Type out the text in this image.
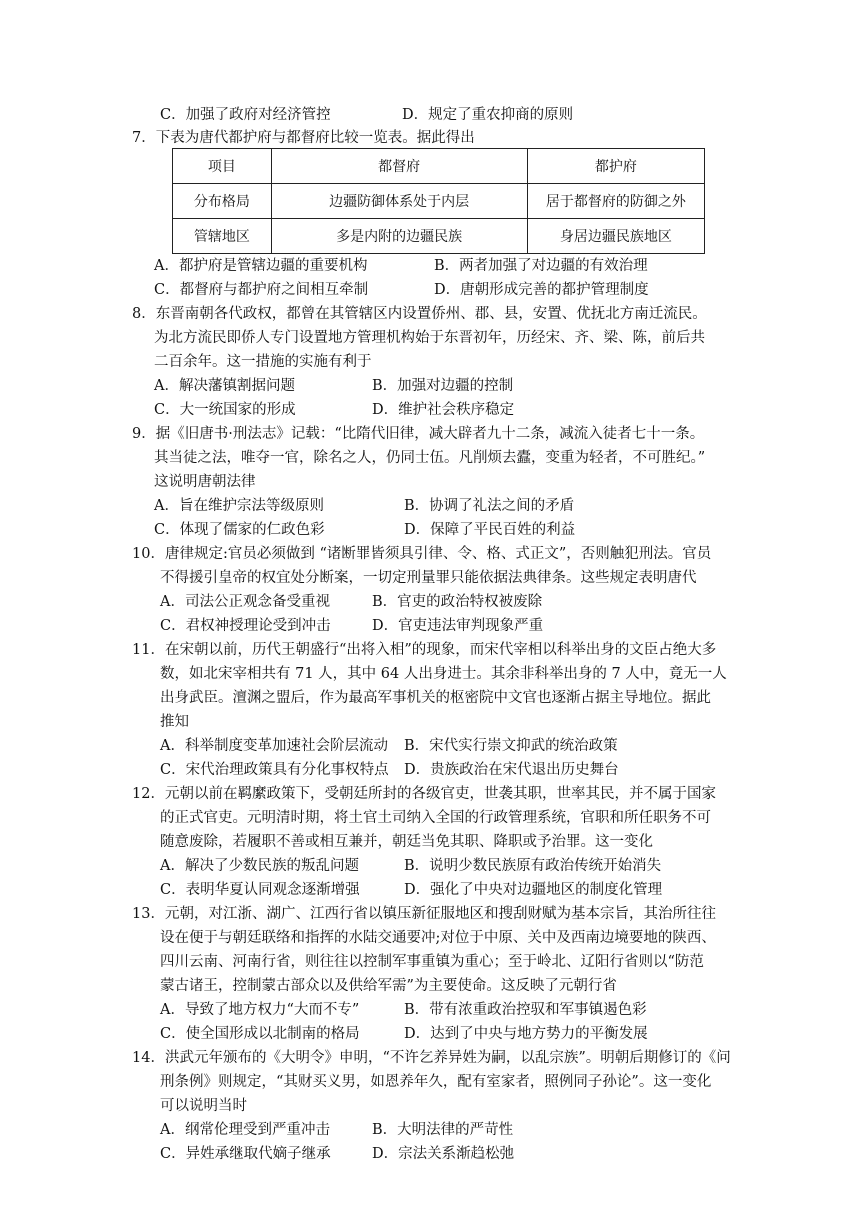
C．加强了政府对经济管控	D．规定了重农抑商的原则
7．下表为唐代都护府与都督府比较一览表。据此得出
项目	都督府	都护府
分布格局	边疆防御体系处于内层	居于都督府的防御之外
管辖地区	多是内附的边疆民族	身居边疆民族地区
A．都护府是管辖边疆的重要机构	B．两者加强了对边疆的有效治理
C．都督府与都护府之间相互牵制	D．唐朝形成完善的都护管理制度
8．东晋南朝各代政权，都曾在其管辖区内设置侨州、郡、县，安置、优抚北方南迁流民。
为北方流民即侨人专门设置地方管理机构始于东晋初年，历经宋、齐、梁、陈，前后共
二百余年。这一措施的实施有利于
A．解决藩镇割据问题	B．加强对边疆的控制
C．大一统国家的形成	D．维护社会秩序稳定
9．据《旧唐书·刑法志》记载：“比隋代旧律，减大辟者九十二条，减流入徒者七十一条。
其当徒之法，唯夺一官，除名之人，仍同士伍。凡削烦去蠹，变重为轻者，不可胜纪。”
这说明唐朝法律
A．旨在维护宗法等级原则	B．协调了礼法之间的矛盾
C．体现了儒家的仁政色彩	D．保障了平民百姓的利益
10．唐律规定:官员必须做到 “诸断罪皆须具引律、令、格、式正文”，否则触犯刑法。官员
不得援引皇帝的权宜处分断案，一切定刑量罪只能依据法典律条。这些规定表明唐代
A．司法公正观念备受重视	B．官吏的政治特权被废除
C．君权神授理论受到冲击	D．官吏违法审判现象严重
11．在宋朝以前，历代王朝盛行“出将入相”的现象，而宋代宰相以科举出身的文臣占绝大多
数，如北宋宰相共有 71 人，其中 64 人出身进士。其余非科举出身的 7 人中，竟无一人
出身武臣。澶渊之盟后，作为最高军事机关的枢密院中文官也逐渐占据主导地位。据此
推知
A．科举制度变革加速社会阶层流动 B．宋代实行崇文抑武的统治政策
C．宋代治理政策具有分化事权特点 D．贵族政治在宋代退出历史舞台
12．元朝以前在羁縻政策下，受朝廷所封的各级官吏，世袭其职，世率其民，并不属于国家
的正式官吏。元明清时期，将土官土司纳入全国的行政管理系统，官职和所任职务不可
随意废除，若履职不善或相互兼并，朝廷当免其职、降职或予治罪。这一变化
A．解决了少数民族的叛乱问题	B．说明少数民族原有政治传统开始消失
C．表明华夏认同观念逐渐增强	D．强化了中央对边疆地区的制度化管理
13．元朝，对江浙、湖广、江西行省以镇压新征服地区和搜刮财赋为基本宗旨，其治所往往
设在便于与朝廷联络和指挥的水陆交通要冲;对位于中原、关中及西南边境要地的陕西、
四川云南、河南行省，则往往以控制军事重镇为重心；至于岭北、辽阳行省则以“防范
蒙古诸王，控制蒙古部众以及供给军需”为主要使命。这反映了元朝行省
A．导致了地方权力“大而不专”	B．带有浓重政治控驭和军事镇遏色彩
C．使全国形成以北制南的格局	D．达到了中央与地方势力的平衡发展
14．洪武元年颁布的《大明令》申明，“不许乞养异姓为嗣，以乱宗族”。明朝后期修订的《问
刑条例》则规定，“其财买义男，如恩养年久，配有室家者，照例同子孙论”。这一变化
可以说明当时
A．纲常伦理受到严重冲击	B．大明法律的严苛性
C．异姓承继取代嫡子继承	D．宗法关系渐趋松弛
